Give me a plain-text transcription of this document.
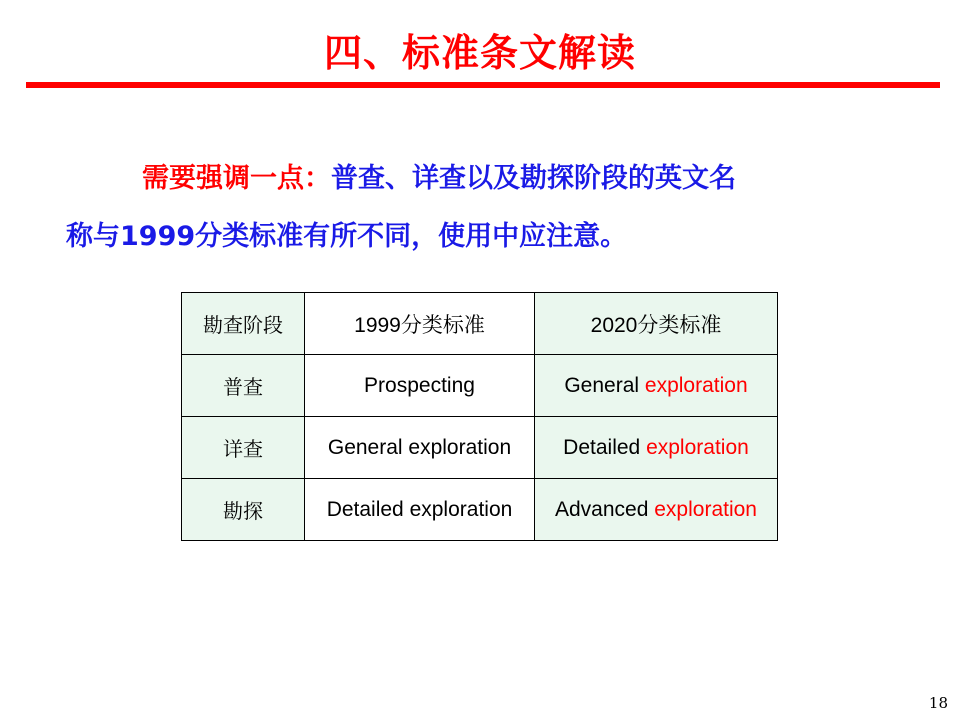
四、标准条文解读
需要强调一点：普查、详查以及勘探阶段的英文名
称与1999分类标准有所不同，使用中应注意。
勘查阶段	1999分类标准	2020分类标准
普查	Prospecting	General exploration
详查	General exploration	Detailed exploration
勘探	Detailed exploration	Advanced exploration
18
